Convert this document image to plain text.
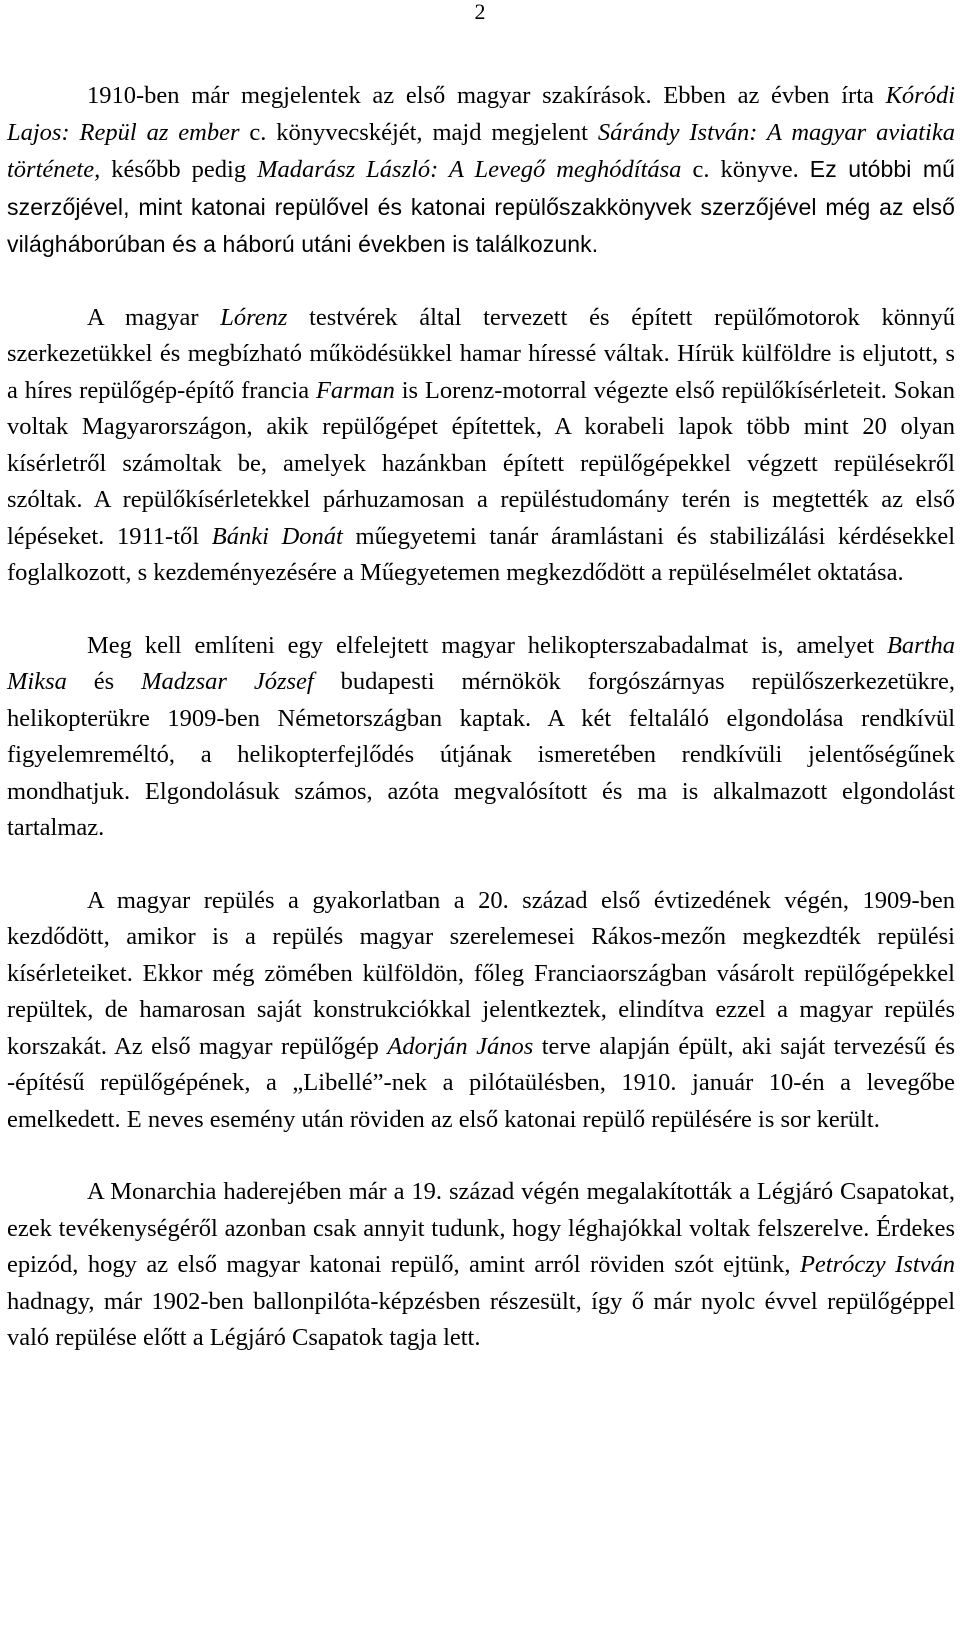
2

1910-ben már megjelentek az első magyar szakírások. Ebben az évben írta Kóródi Lajos: Repül az ember c. könyvecskéjét, majd megjelent Sárándy István: A magyar aviatika története, később pedig Madarász László: A Levegő meghódítása c. könyve. Ez utóbbi mű szerzőjével, mint katonai repülővel és katonai repülőszakkönyvek szerzőjével még az első világháborúban és a háború utáni években is találkozunk.

A magyar Lórenz testvérek által tervezett és épített repülőmotorok könnyű szerkezetükkel és megbízható működésükkel hamar híressé váltak. Hírük külföldre is eljutott, s a híres repülőgép-építő francia Farman is Lorenz-motorral végezte első repülőkísérleteit. Sokan voltak Magyarországon, akik repülőgépet építettek, A korabeli lapok több mint 20 olyan kísérletről számoltak be, amelyek hazánkban épített repülőgépekkel végzett repülésekről szóltak. A repülőkísérletekkel párhuzamosan a repüléstudomány terén is megtették az első lépéseket. 1911-től Bánki Donát műegyetemi tanár áramlástani és stabilizálási kérdésekkel foglalkozott, s kezdeményezésére a Műegyetemen megkezdődött a repüléselmélet oktatása.

Meg kell említeni egy elfelejtett magyar helikopterszabadalmat is, amelyet Bartha Miksa és Madzsar József budapesti mérnökök forgószárnyas repülőszerkezetükre, helikopterükre 1909-ben Németországban kaptak. A két feltaláló elgondolása rendkívül figyelemreméltó, a helikopterfejlődés útjának ismeretében rendkívüli jelentőségűnek mondhatjuk. Elgondolásuk számos, azóta megvalósított és ma is alkalmazott elgondolást tartalmaz.

A magyar repülés a gyakorlatban a 20. század első évtizedének végén, 1909-ben kezdődött, amikor is a repülés magyar szerelemesei Rákos-mezőn megkezdték repülési kísérleteiket. Ekkor még zömében külföldön, főleg Franciaországban vásárolt repülőgépekkel repültek, de hamarosan saját konstrukciókkal jelentkeztek, elindítva ezzel a magyar repülés korszakát. Az első magyar repülőgép Adorján János terve alapján épült, aki saját tervezésű és -építésű repülőgépének, a „Libellé”-nek a pilótaülésben, 1910. január 10-én a levegőbe emelkedett. E neves esemény után röviden az első katonai repülő repülésére is sor került.

A Monarchia haderejében már a 19. század végén megalakították a Légjáró Csapatokat, ezek tevékenységéről azonban csak annyit tudunk, hogy léghajókkal voltak felszerelve. Érdekes epizód, hogy az első magyar katonai repülő, amint arról röviden szót ejtünk, Petróczy István hadnagy, már 1902-ben ballonpilóta-képzésben részesült, így ő már nyolc évvel repülőgéppel való repülése előtt a Légjáró Csapatok tagja lett.
